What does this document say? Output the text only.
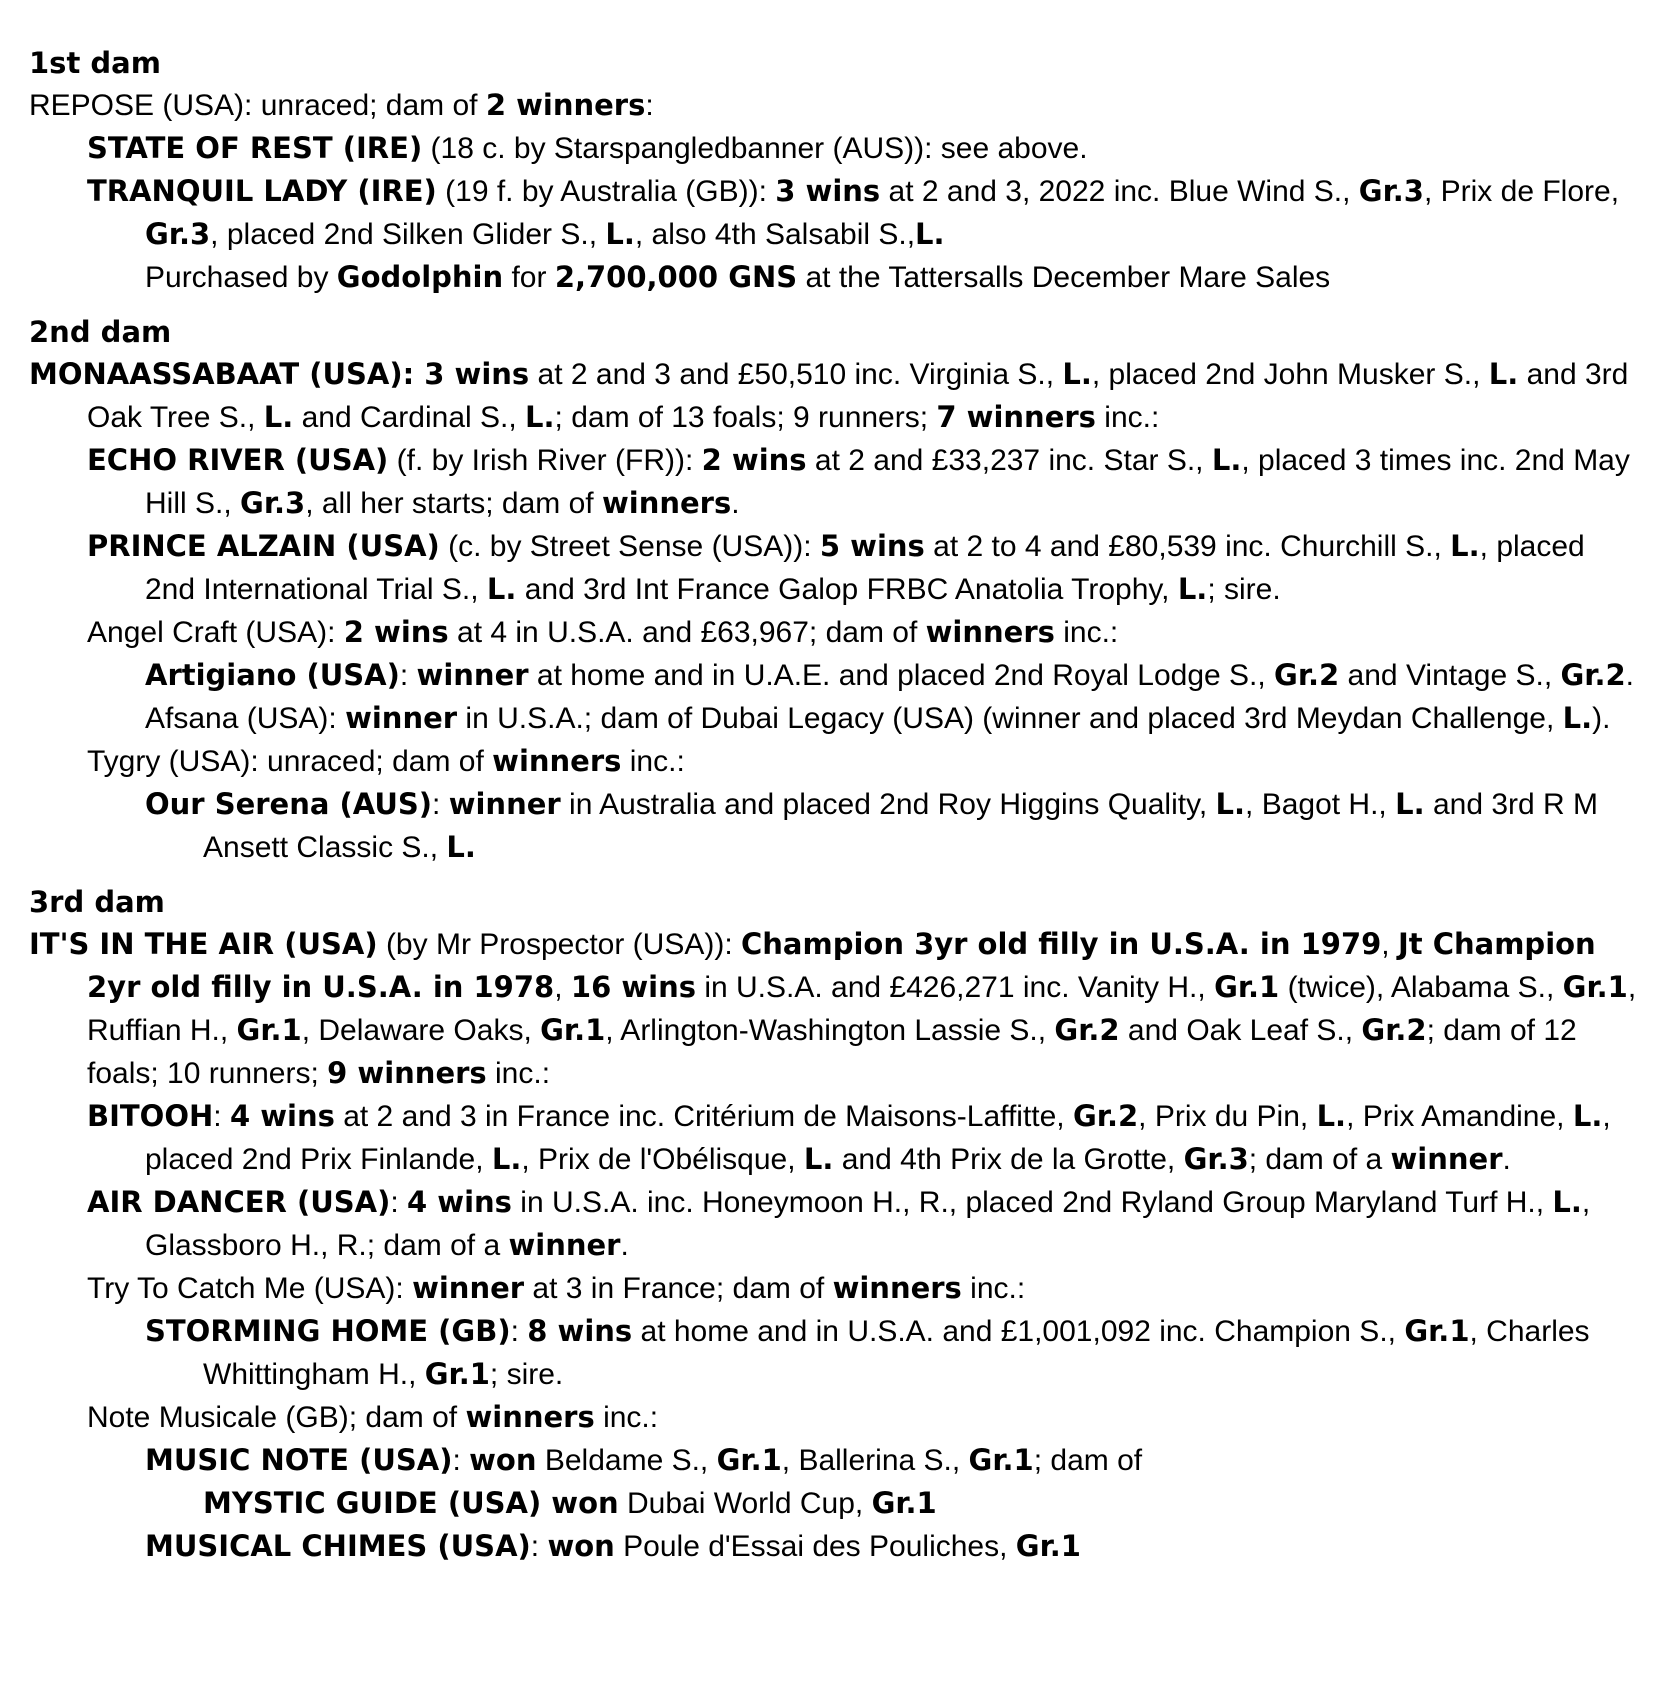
1st dam
REPOSE (USA): unraced; dam of 2 winners:
STATE OF REST (IRE) (18 c. by Starspangledbanner (AUS)): see above.
TRANQUIL LADY (IRE) (19 f. by Australia (GB)): 3 wins at 2 and 3, 2022 inc. Blue Wind S., Gr.3, Prix de Flore, Gr.3, placed 2nd Silken Glider S., L., also 4th Salsabil S.,L.
Purchased by Godolphin for 2,700,000 GNS at the Tattersalls December Mare Sales
2nd dam
MONAASSABAAT (USA): 3 wins at 2 and 3 and £50,510 inc. Virginia S., L., placed 2nd John Musker S., L. and 3rd Oak Tree S., L. and Cardinal S., L.; dam of 13 foals; 9 runners; 7 winners inc.:
ECHO RIVER (USA) (f. by Irish River (FR)): 2 wins at 2 and £33,237 inc. Star S., L., placed 3 times inc. 2nd May Hill S., Gr.3, all her starts; dam of winners.
PRINCE ALZAIN (USA) (c. by Street Sense (USA)): 5 wins at 2 to 4 and £80,539 inc. Churchill S., L., placed 2nd International Trial S., L. and 3rd Int France Galop FRBC Anatolia Trophy, L.; sire.
Angel Craft (USA): 2 wins at 4 in U.S.A. and £63,967; dam of winners inc.:
Artigiano (USA): winner at home and in U.A.E. and placed 2nd Royal Lodge S., Gr.2 and Vintage S., Gr.2.
Afsana (USA): winner in U.S.A.; dam of Dubai Legacy (USA) (winner and placed 3rd Meydan Challenge, L.).
Tygry (USA): unraced; dam of winners inc.:
Our Serena (AUS): winner in Australia and placed 2nd Roy Higgins Quality, L., Bagot H., L. and 3rd R M Ansett Classic S., L.
3rd dam
IT'S IN THE AIR (USA) (by Mr Prospector (USA)): Champion 3yr old filly in U.S.A. in 1979, Jt Champion 2yr old filly in U.S.A. in 1978, 16 wins in U.S.A. and £426,271 inc. Vanity H., Gr.1 (twice), Alabama S., Gr.1, Ruffian H., Gr.1, Delaware Oaks, Gr.1, Arlington-Washington Lassie S., Gr.2 and Oak Leaf S., Gr.2; dam of 12 foals; 10 runners; 9 winners inc.:
BITOOH: 4 wins at 2 and 3 in France inc. Critérium de Maisons-Laffitte, Gr.2, Prix du Pin, L., Prix Amandine, L., placed 2nd Prix Finlande, L., Prix de l'Obélisque, L. and 4th Prix de la Grotte, Gr.3; dam of a winner.
AIR DANCER (USA): 4 wins in U.S.A. inc. Honeymoon H., R., placed 2nd Ryland Group Maryland Turf H., L., Glassboro H., R.; dam of a winner.
Try To Catch Me (USA): winner at 3 in France; dam of winners inc.:
STORMING HOME (GB): 8 wins at home and in U.S.A. and £1,001,092 inc. Champion S., Gr.1, Charles Whittingham H., Gr.1; sire.
Note Musicale (GB); dam of winners inc.:
MUSIC NOTE (USA): won Beldame S., Gr.1, Ballerina S., Gr.1; dam of
MYSTIC GUIDE (USA) won Dubai World Cup, Gr.1
MUSICAL CHIMES (USA): won Poule d'Essai des Pouliches, Gr.1
